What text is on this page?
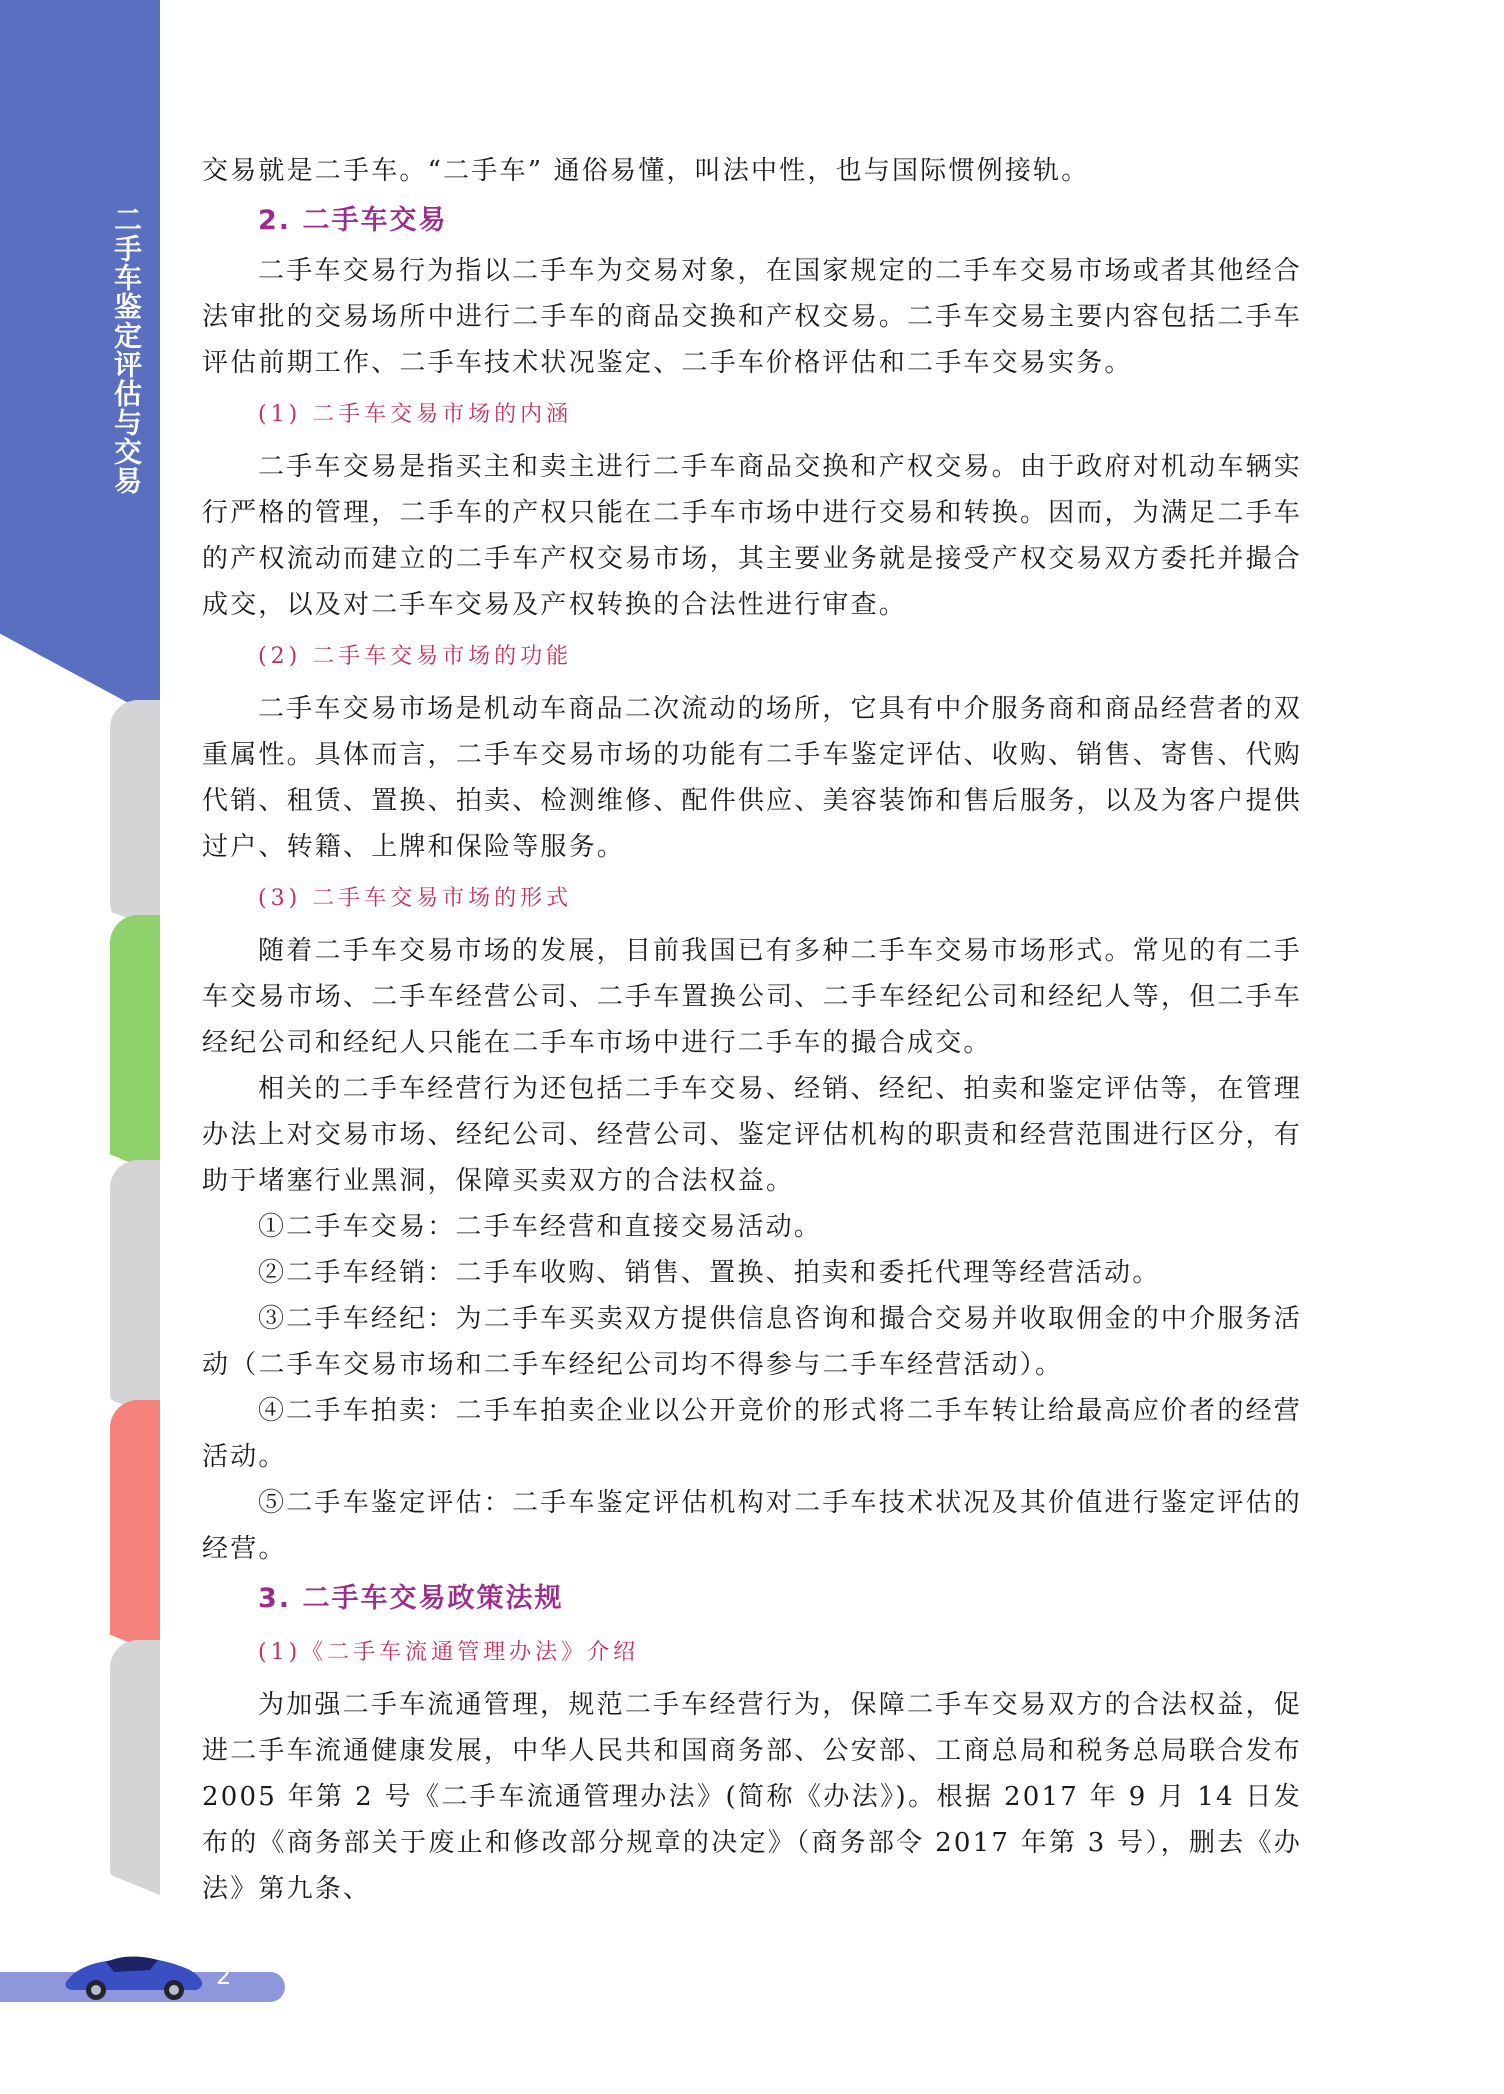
二手车鉴定评估与交易

交易就是二手车。“二手车” 通俗易懂，叫法中性，也与国际惯例接轨。

2. 二手车交易

二手车交易行为指以二手车为交易对象，在国家规定的二手车交易市场或者其他经合法审批的交易场所中进行二手车的商品交换和产权交易。二手车交易主要内容包括二手车评估前期工作、二手车技术状况鉴定、二手车价格评估和二手车交易实务。

(1) 二手车交易市场的内涵

二手车交易是指买主和卖主进行二手车商品交换和产权交易。由于政府对机动车辆实行严格的管理，二手车的产权只能在二手车市场中进行交易和转换。因而，为满足二手车的产权流动而建立的二手车产权交易市场，其主要业务就是接受产权交易双方委托并撮合成交，以及对二手车交易及产权转换的合法性进行审查。

(2) 二手车交易市场的功能

二手车交易市场是机动车商品二次流动的场所，它具有中介服务商和商品经营者的双重属性。具体而言，二手车交易市场的功能有二手车鉴定评估、收购、销售、寄售、代购代销、租赁、置换、拍卖、检测维修、配件供应、美容装饰和售后服务，以及为客户提供过户、转籍、上牌和保险等服务。

(3) 二手车交易市场的形式

随着二手车交易市场的发展，目前我国已有多种二手车交易市场形式。常见的有二手车交易市场、二手车经营公司、二手车置换公司、二手车经纪公司和经纪人等，但二手车经纪公司和经纪人只能在二手车市场中进行二手车的撮合成交。

相关的二手车经营行为还包括二手车交易、经销、经纪、拍卖和鉴定评估等，在管理办法上对交易市场、经纪公司、经营公司、鉴定评估机构的职责和经营范围进行区分，有助于堵塞行业黑洞，保障买卖双方的合法权益。

①二手车交易：二手车经营和直接交易活动。

②二手车经销：二手车收购、销售、置换、拍卖和委托代理等经营活动。

③二手车经纪：为二手车买卖双方提供信息咨询和撮合交易并收取佣金的中介服务活动（二手车交易市场和二手车经纪公司均不得参与二手车经营活动）。

④二手车拍卖：二手车拍卖企业以公开竞价的形式将二手车转让给最高应价者的经营活动。

⑤二手车鉴定评估：二手车鉴定评估机构对二手车技术状况及其价值进行鉴定评估的经营。

3. 二手车交易政策法规
(1)《二手车流通管理办法》介绍

为加强二手车流通管理，规范二手车经营行为，保障二手车交易双方的合法权益，促进二手车流通健康发展，中华人民共和国商务部、公安部、工商总局和税务总局联合发布2005 年第 2 号《二手车流通管理办法》(简称《办法》)。根据 2017 年 9 月 14 日发布的《商务部关于废止和修改部分规章的决定》（商务部令 2017 年第 3 号），删去《办法》第九条、

2
